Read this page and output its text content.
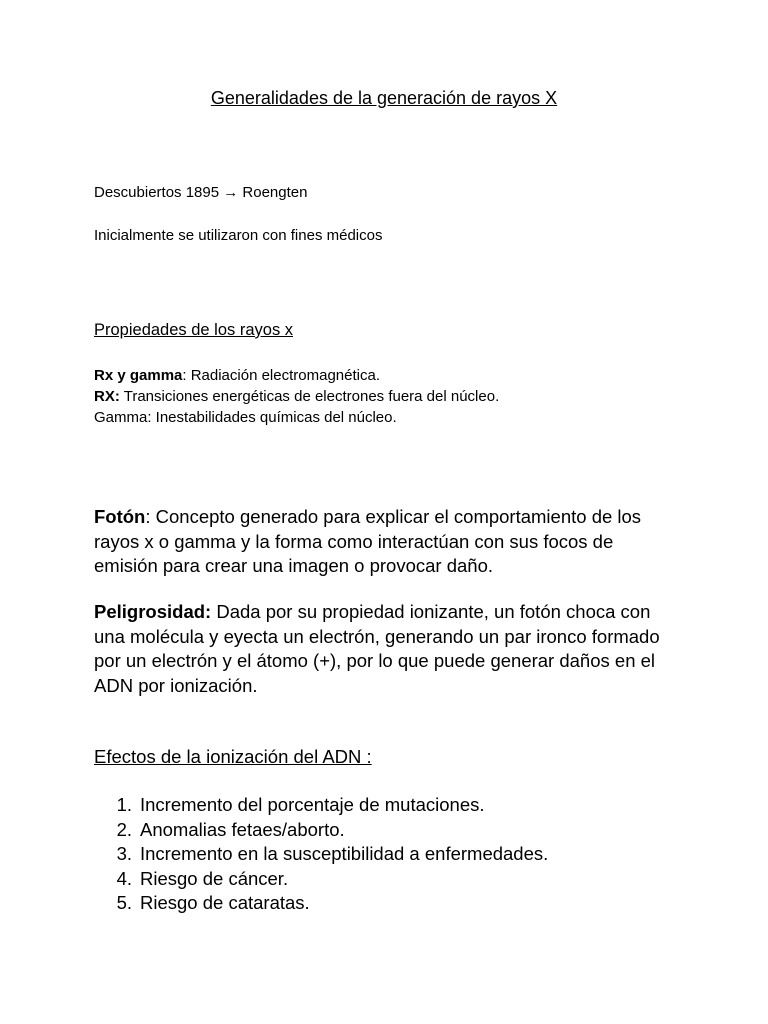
Generalidades de la generación de rayos X
Descubiertos 1895 → Roengten
Inicialmente se utilizaron con fines médicos
Propiedades de los rayos x
Rx y gamma: Radiación electromagnética.
RX: Transiciones energéticas de electrones fuera del núcleo.
Gamma: Inestabilidades químicas del núcleo.
Fotón: Concepto generado para explicar el comportamiento de los rayos x o gamma y la forma como interactúan con sus focos de emisión para crear una imagen o provocar daño.
Peligrosidad: Dada por su propiedad ionizante, un fotón choca con una molécula y eyecta un electrón, generando un par ironco formado por un electrón y el átomo (+), por lo que puede generar daños en el ADN por ionización.
Efectos de la ionización del ADN :
1. Incremento del porcentaje de mutaciones.
2. Anomalias fetaes/aborto.
3. Incremento en la susceptibilidad a enfermedades.
4. Riesgo de cáncer.
5. Riesgo de cataratas.
